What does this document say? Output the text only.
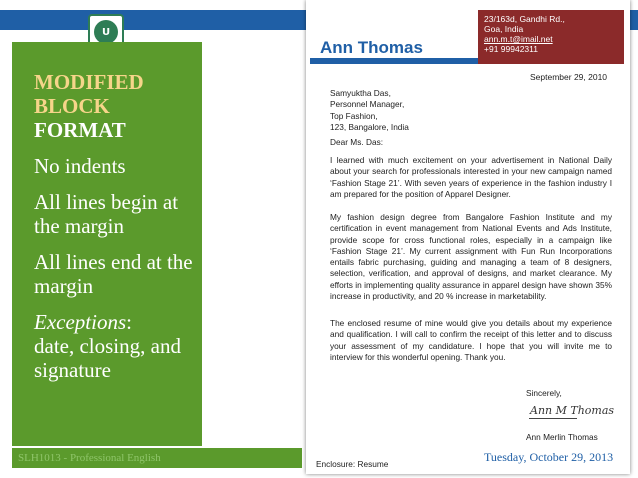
U

MODIFIED

BLOCK

FORMAT

No indents

All lines begin at the margin

All lines end at the margin

Exceptions:

date, closing, and signature

SLH1013 - Professional English
Ann Thomas
23/163d, Gandhi Rd.,
Goa, India
ann.m.t@imail.net
+91 99942311
September 29, 2010
Samyuktha Das,
Personnel Manager,
Top Fashion,
123, Bangalore, India
Dear Ms. Das:
I learned with much excitement on your advertisement in National Daily about your search for professionals interested in your new campaign named ‘Fashion Stage 21’. With seven years of experience in the fashion industry I am prepared for the position of Apparel Designer.
My fashion design degree from Bangalore Fashion Institute and my certification in event management from National Events and Ads Institute, provide scope for cross functional roles, especially in a campaign like ‘Fashion Stage 21’. My current assignment with Fun Run Incorporations entails fabric purchasing, guiding and managing a team of 8 designers, selection, verification, and approval of designs, and market clearance. My efforts in implementing quality assurance in apparel design have shown 35% increase in productivity, and 20 % increase in marketability.
The enclosed resume of mine would give you details about my experience and qualification. I will call to confirm the receipt of this letter and to discuss your assessment of my candidature. I hope that you will invite me to interview for this wonderful opening. Thank you.
Sincerely,
Ann M Thomas
Ann Merlin Thomas
Enclosure: Resume	Tuesday, October 29, 2013
